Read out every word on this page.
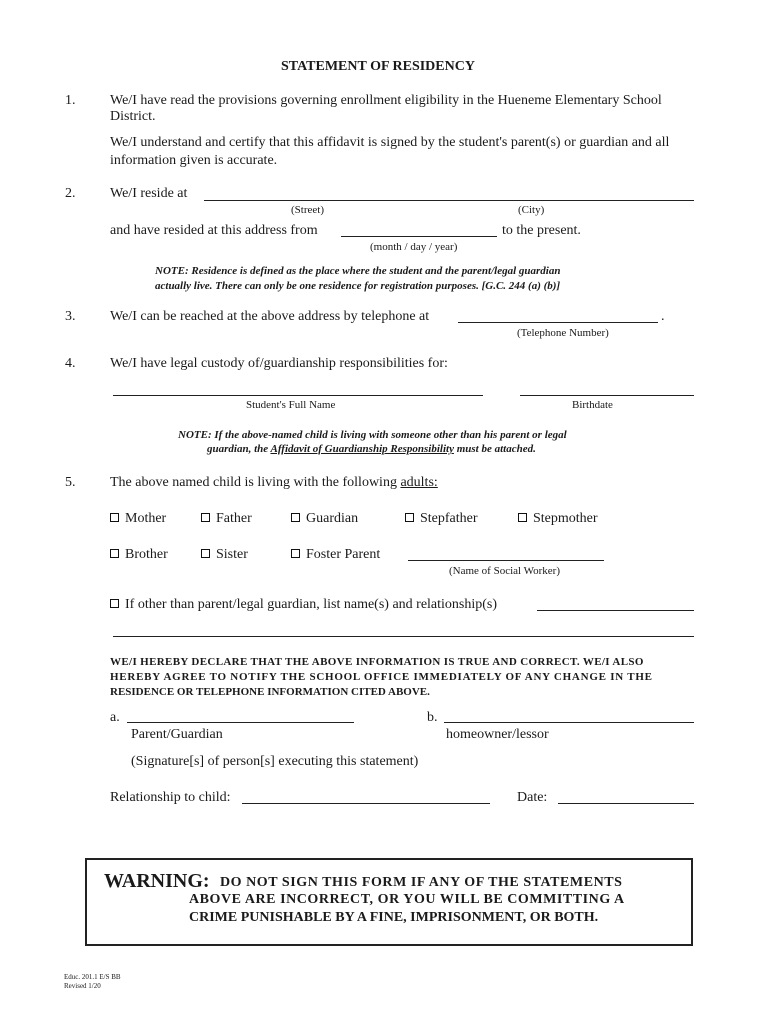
STATEMENT OF RESIDENCY
1. We/I have read the provisions governing enrollment eligibility in the Hueneme Elementary School
District.
We/I understand and certify that this affidavit is signed by the student's parent(s) or guardian and all
information given is accurate.
2. We/I reside at
(Street)	(City)
and have resided at this address from	to the present.
(month / day / year)
NOTE: Residence is defined as the place where the student and the parent/legal guardian
actually live. There can only be one residence for registration purposes. [G.C. 244 (a) (b)]
3. We/I can be reached at the above address by telephone at	.
(Telephone Number)
4. We/I have legal custody of/guardianship responsibilities for:
Student's Full Name	Birthdate
NOTE: If the above-named child is living with someone other than his parent or legal
guardian, the Affidavit of Guardianship Responsibility must be attached.
5. The above named child is living with the following adults:
Mother	Father	Guardian	Stepfather	Stepmother
Brother	Sister	Foster Parent
(Name of Social Worker)
If other than parent/legal guardian, list name(s) and relationship(s)
WE/I HEREBY DECLARE THAT THE ABOVE INFORMATION IS TRUE AND CORRECT. WE/I ALSO
HEREBY AGREE TO NOTIFY THE SCHOOL OFFICE IMMEDIATELY OF ANY CHANGE IN THE
RESIDENCE OR TELEPHONE INFORMATION CITED ABOVE.
a.
Parent/Guardian
b.
homeowner/lessor
(Signature[s] of person[s] executing this statement)
Relationship to child:	Date:
WARNING: DO NOT SIGN THIS FORM IF ANY OF THE STATEMENTS
ABOVE ARE INCORRECT, OR YOU WILL BE COMMITTING A
CRIME PUNISHABLE BY A FINE, IMPRISONMENT, OR BOTH.
Educ. 201.1 E/S BB
Revised 1/20
